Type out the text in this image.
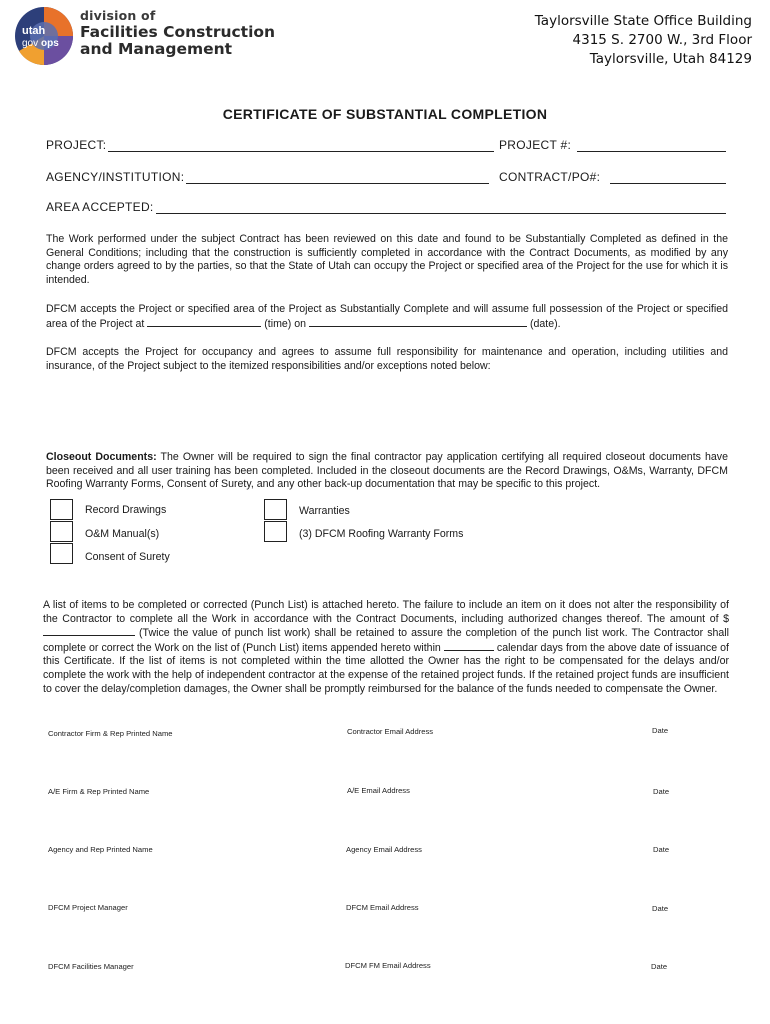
utah
gov ops
division of
Facilities Construction
and Management
Taylorsville State Office Building
4315 S. 2700 W., 3rd Floor
Taylorsville, Utah 84129
CERTIFICATE OF SUBSTANTIAL COMPLETION
PROJECT:	PROJECT #:
AGENCY/INSTITUTION:	CONTRACT/PO#:
AREA ACCEPTED:
The Work performed under the subject Contract has been reviewed on this date and found to be Substantially Completed as defined in the General Conditions; including that the construction is sufficiently completed in accordance with the Contract Documents, as modified by any change orders agreed to by the parties, so that the State of Utah can occupy the Project or specified area of the Project for the use for which it is intended.
DFCM accepts the Project or specified area of the Project as Substantially Complete and will assume full possession of the Project or specified area of the Project at	(time) on	(date).
DFCM accepts the Project for occupancy and agrees to assume full responsibility for maintenance and operation, including utilities and insurance, of the Project subject to the itemized responsibilities and/or exceptions noted below:
Closeout Documents: The Owner will be required to sign the final contractor pay application certifying all required closeout documents have been received and all user training has been completed. Included in the closeout documents are the Record Drawings, O&Ms, Warranty, DFCM Roofing Warranty Forms, Consent of Surety, and any other back-up documentation that may be specific to this project.
Record Drawings
O&M Manual(s)
Consent of Surety
Warranties
(3) DFCM Roofing Warranty Forms
A list of items to be completed or corrected (Punch List) is attached hereto. The failure to include an item on it does not alter the responsibility of the Contractor to complete all the Work in accordance with the Contract Documents, including authorized changes thereof. The amount of $ (Twice the value of punch list work) shall be retained to assure the completion of the punch list work. The Contractor shall complete or correct the Work on the list of (Punch List) items appended hereto within	calendar days from the above date of issuance of this Certificate. If the list of items is not completed within the time allotted the Owner has the right to be compensated for the delays and/or complete the work with the help of independent contractor at the expense of the retained project funds. If the retained project funds are insufficient to cover the delay/completion damages, the Owner shall be promptly reimbursed for the balance of the funds needed to compensate the Owner.
Contractor Firm & Rep Printed Name	Contractor Email Address	Date
A/E Firm & Rep Printed Name	A/E Email Address	Date
Agency and Rep Printed Name	Agency Email Address	Date
DFCM Project Manager	DFCM Email Address	Date
DFCM Facilities Manager	DFCM FM Email Address	Date
